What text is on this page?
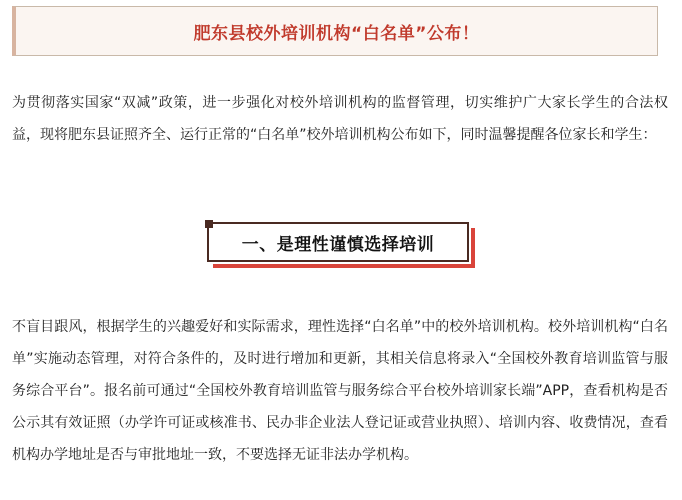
肥东县校外培训机构“白名单”公布！

为贯彻落实国家“双减”政策，进一步强化对校外培训机构的监督管理，切实维护广大家长学生的合法权益，现将肥东县证照齐全、运行正常的“白名单”校外培训机构公布如下，同时温馨提醒各位家长和学生：

一、是理性谨慎选择培训

不盲目跟风，根据学生的兴趣爱好和实际需求，理性选择“白名单”中的校外培训机构。校外培训机构“白名单”实施动态管理，对符合条件的，及时进行增加和更新，其相关信息将录入“全国校外教育培训监管与服务综合平台”。报名前可通过“全国校外教育培训监管与服务综合平台校外培训家长端”APP，查看机构是否公示其有效证照（办学许可证或核准书、民办非企业法人登记证或营业执照）、培训内容、收费情况，查看机构办学地址是否与审批地址一致，不要选择无证非法办学机构。
